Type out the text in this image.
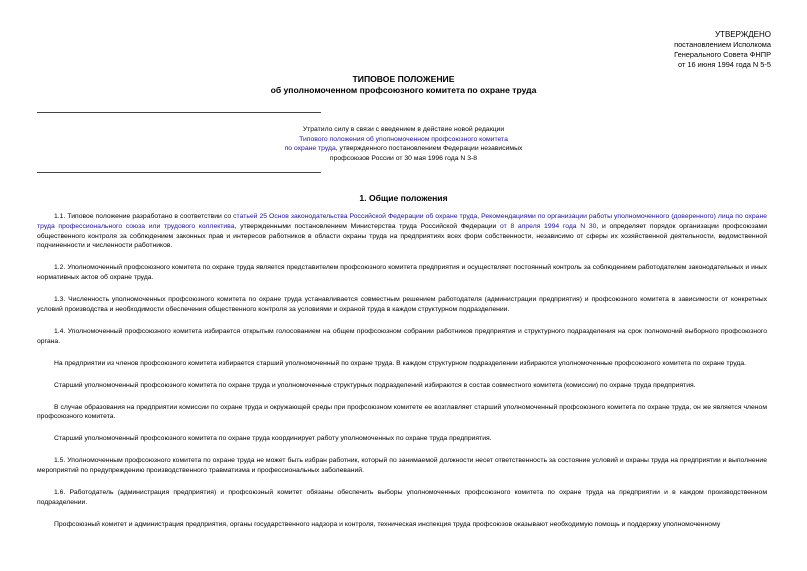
УТВЕРЖДЕНО
постановлением Исполкома
Генерального Совета ФНПР
от 16 июня 1994 года N 5-5
ТИПОВОЕ ПОЛОЖЕНИЕ
об уполномоченном профсоюзного комитета по охране труда
Утратило силу в связи с введением в действие новой редакции
Типового положения об уполномоченном профсоюзного комитета
по охране труда, утвержденного постановлением Федерации независимых
профсоюзов России от 30 мая 1996 года N 3-8
1. Общие положения

1.1. Типовое положение разработано в соответствии со статьей 25 Основ законодательства Российской Федерации об охране труда, Рекомендациями по организации работы уполномоченного (доверенного) лица по охране труда профессионального союза или трудового коллектива, утвержденными постановлением Министерства труда Российской Федерации от 8 апреля 1994 года N 30, и определяет порядок организации профсоюзами общественного контроля за соблюдением законных прав и интересов работников в области охраны труда на предприятиях всех форм собственности, независимо от сферы их хозяйственной деятельности, ведомственной подчиненности и численности работников.

1.2. Уполномоченный профсоюзного комитета по охране труда является представителем профсоюзного комитета предприятия и осуществляет постоянный контроль за соблюдением работодателем законодательных и иных нормативных актов об охране труда.

1.3. Численность уполномоченных профсоюзного комитета по охране труда устанавливается совместным решением работодателя (администрации предприятия) и профсоюзного комитета в зависимости от конкретных условий производства и необходимости обеспечения общественного контроля за условиями и охраной труда в каждом структурном подразделении.

1.4. Уполномоченный профсоюзного комитета избирается открытым голосованием на общем профсоюзном собрании работников предприятия и структурного подразделения на срок полномочий выборного профсоюзного органа.

На предприятии из членов профсоюзного комитета избирается старший уполномоченный по охране труда. В каждом структурном подразделении избираются уполномоченные профсоюзного комитета по охране труда.

Старший уполномоченный профсоюзного комитета по охране труда и уполномоченные структурных подразделений избираются в состав совместного комитета (комиссии) по охране труда предприятия.

В случае образования на предприятии комиссии по охране труда и окружающей среды при профсоюзном комитете ее возглавляет старший уполномоченный профсоюзного комитета по охране труда, он же является членом профсоюзного комитета.

Старший уполномоченный профсоюзного комитета по охране труда координирует работу уполномоченных по охране труда предприятия.

1.5. Уполномоченным профсоюзного комитета по охране труда не может быть избран работник, который по занимаемой должности несет ответственность за состояние условий и охраны труда на предприятии и выполнение мероприятий по предупреждению производственного травматизма и профессиональных заболеваний.

1.6. Работодатель (администрация предприятия) и профсоюзный комитет обязаны обеспечить выборы уполномоченных профсоюзного комитета по охране труда на предприятии и в каждом производственном подразделении.

Профсоюзный комитет и администрация предприятия, органы государственного надзора и контроля, техническая инспекция труда профсоюзов оказывают необходимую помощь и поддержку уполномоченному
